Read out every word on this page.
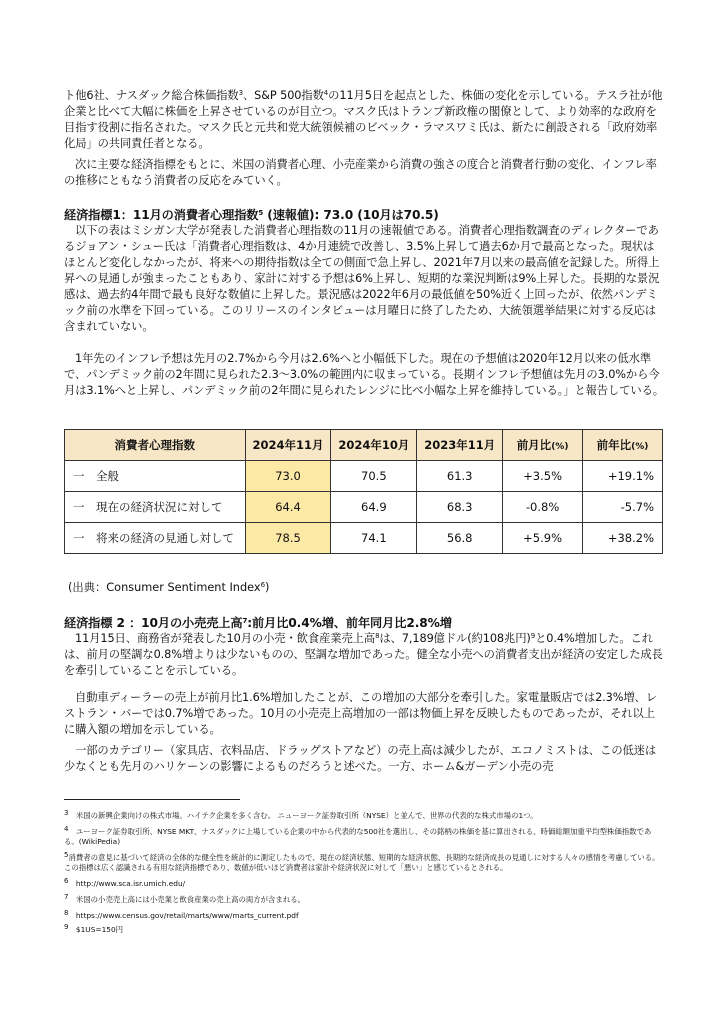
ト他6社、ナスダック総合株価指数$^3$、S&P 500指数$^4$の11月5日を起点とした、株価の変化を示している。テスラ社が他企業と比べて大幅に株価を上昇させているのが目立つ。マスク氏はトランプ新政権の閣僚として、より効率的な政府を目指す役割に指名された。マスク氏と元共和党大統領候補のビベック・ラマスワミ氏は、新たに創設される「政府効率化局」の共同責任者となる。

次に主要な経済指標をもとに、米国の消費者心理、小売産業から消費の強さの度合と消費者行動の変化、インフレ率の推移にともなう消費者の反応をみていく。

経済指標1：11月の消費者心理指数$^5$ (速報値): 73.0 (10月は70.5)

以下の表はミシガン大学が発表した消費者心理指数の11月の速報値である。消費者心理指数調査のディレクターであるジョアン・シュー氏は「消費者心理指数は、4か月連続で改善し、3.5%上昇して過去6か月で最高となった。現状はほとんど変化しなかったが、将来への期待指数は全ての側面で急上昇し、2021年7月以来の最高値を記録した。所得上昇への見通しが強まったこともあり、家計に対する予想は6%上昇し、短期的な業況判断は9%上昇した。長期的な景況感は、過去約4年間で最も良好な数値に上昇した。景況感は2022年6月の最低値を50%近く上回ったが、依然パンデミック前の水準を下回っている。このリリースのインタビューは月曜日に終了したため、大統領選挙結果に対する反応は含まれていない。

1年先のインフレ予想は先月の2.7%から今月は2.6%へと小幅低下した。現在の予想値は2020年12月以来の低水準で、パンデミック前の2年間に見られた2.3～3.0%の範囲内に収まっている。長期インフレ予想値は先月の3.0%から今月は3.1%へと上昇し、パンデミック前の2年間に見られたレンジに比べ小幅な上昇を維持している。」と報告している。

消費者心理指数	2024年11月	2024年10月	2023年11月	前月比(%)	前年比(%)
一　全般	73.0	70.5	61.3	+3.5%	+19.1%
一　現在の経済状況に対して	64.4	64.9	68.3	-0.8%	-5.7%
一　将来の経済の見通し対して	78.5	74.1	56.8	+5.9%	+38.2%

(出典：Consumer Sentiment Index$^6$)

経済指標 2 ：10月の小売売上高$^7$:前月比0.4%増、前年同月比2.8%増

11月15日、商務省が発表した10月の小売・飲食産業売上高$^8$は、7,189億ドル(約108兆円)$^9$と0.4%増加した。これは、前月の堅調な0.8%増よりは少ないものの、堅調な増加であった。健全な小売への消費者支出が経済の安定した成長を牽引していることを示している。

自動車ディーラーの売上が前月比1.6%増加したことが、この増加の大部分を牽引した。家電量販店では2.3%増、レストラン・バーでは0.7%増であった。10月の小売売上高増加の一部は物価上昇を反映したものであったが、それ以上に購入額の増加を示している。

一部のカテゴリー（家具店、衣料品店、ドラッグストアなど）の売上高は減少したが、エコノミストは、この低迷は少なくとも先月のハリケーンの影響によるものだろうと述べた。一方、ホーム&ガーデン小売の売

3　 米国の新興企業向けの株式市場。ハイテク企業を多く含む。 ニューヨーク証券取引所（NYSE）と並んで、世界の代表的な株式市場の1つ。

4　 ユーヨーク証券取引所、NYSE MKT、ナスダックに上場している企業の中から代表的な500社を選出し、その銘柄の株価を基に算出される、時価総額加重平均型株価指数である。(WikiPedia)

5消費者の意見に基づいて経済の全体的な健全性を統計的に測定したもので、現在の経済状態、短期的な経済状態、長期的な経済成長の見通しに対する人々の感情を考慮している。この指標は広く認識される有用な経済指標であり、数値が低いほど消費者は家計や経済状況に対して「悪い」と感じているとされる。

6　 http://www.sca.isr.umich.edu/

7　 米国の小売売上高には小売業と飲食産業の売上高の両方が含まれる。

8　 https://www.census.gov/retail/marts/www/marts_current.pdf

9　 $1US=150円
